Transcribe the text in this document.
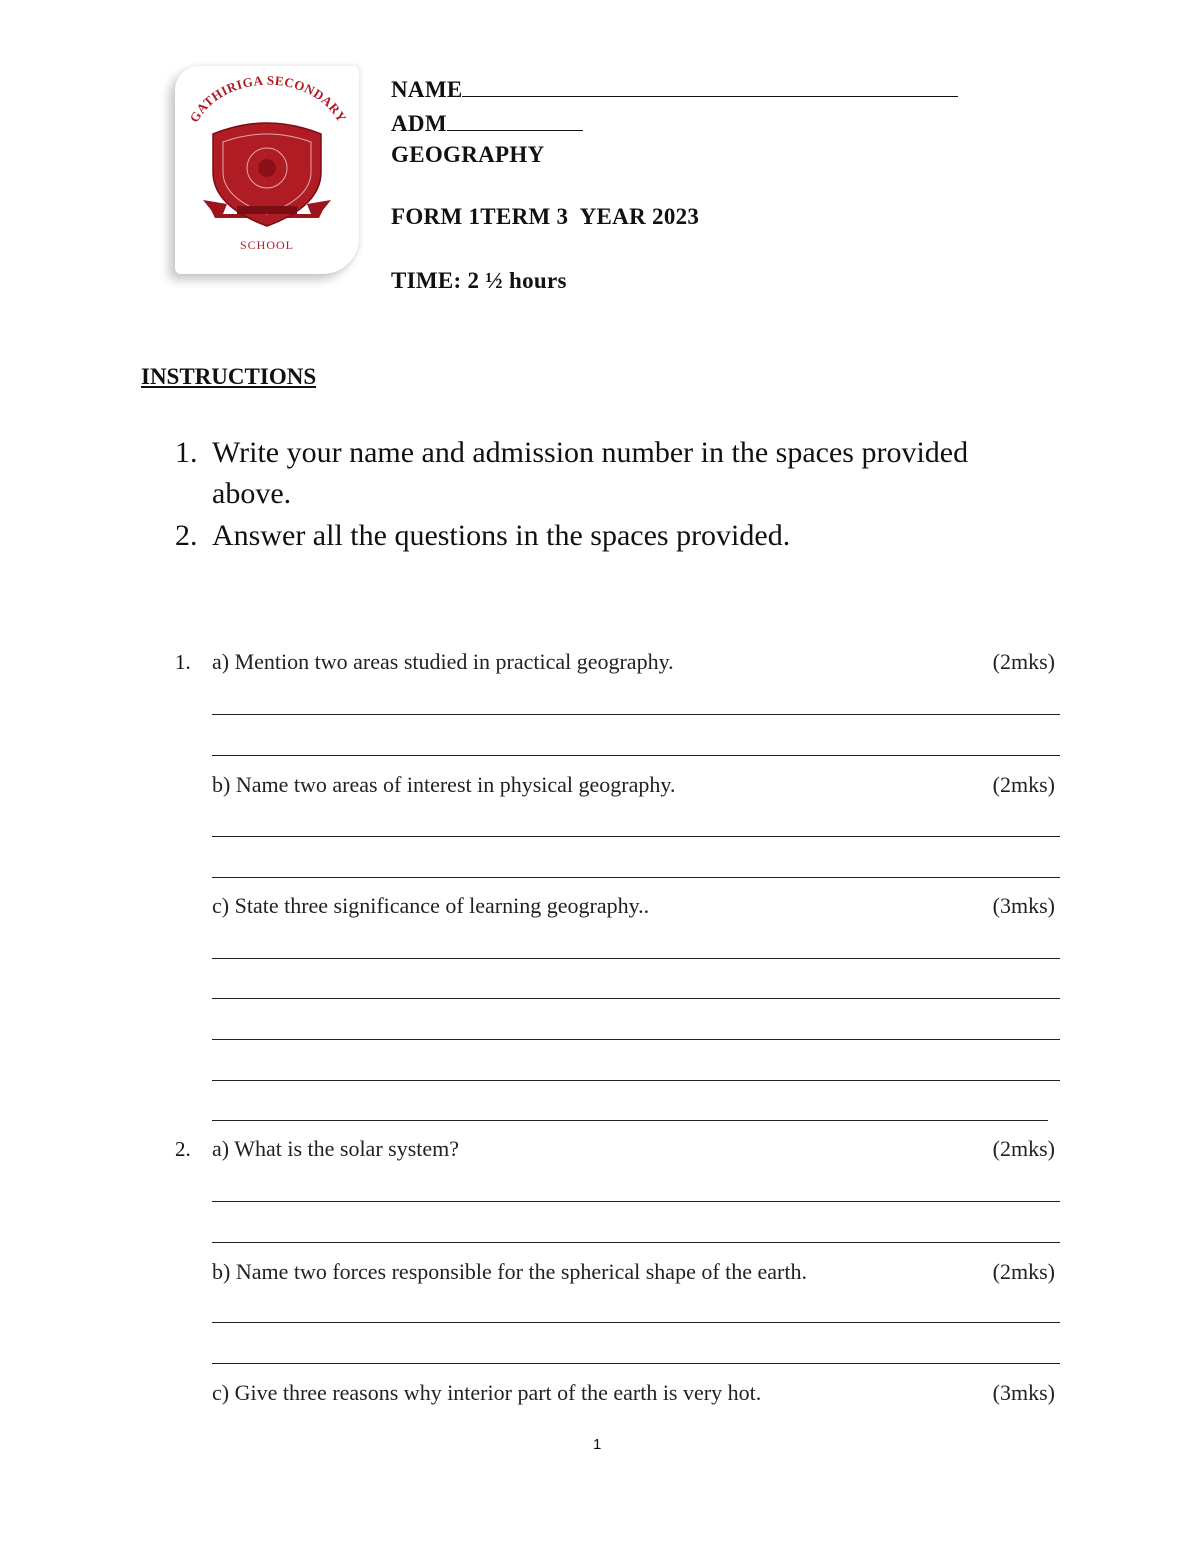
GATHIRIGA SECONDARY
SCHOOL
NAME
ADM
GEOGRAPHY
FORM 1TERM 3  YEAR 2023
TIME: 2 ½ hours
INSTRUCTIONS
1. Write your name and admission number in the spaces provided above.
2. Answer all the questions in the spaces provided.
1. a) Mention two areas studied in practical geography.	(2mks)
b) Name two areas of interest in physical geography.	(2mks)
c) State three significance of learning geography..	(3mks)
2. a) What is the solar system?	(2mks)
b) Name two forces responsible for the spherical shape of the earth.	(2mks)
c) Give three reasons why interior part of the earth is very hot.	(3mks)
1
